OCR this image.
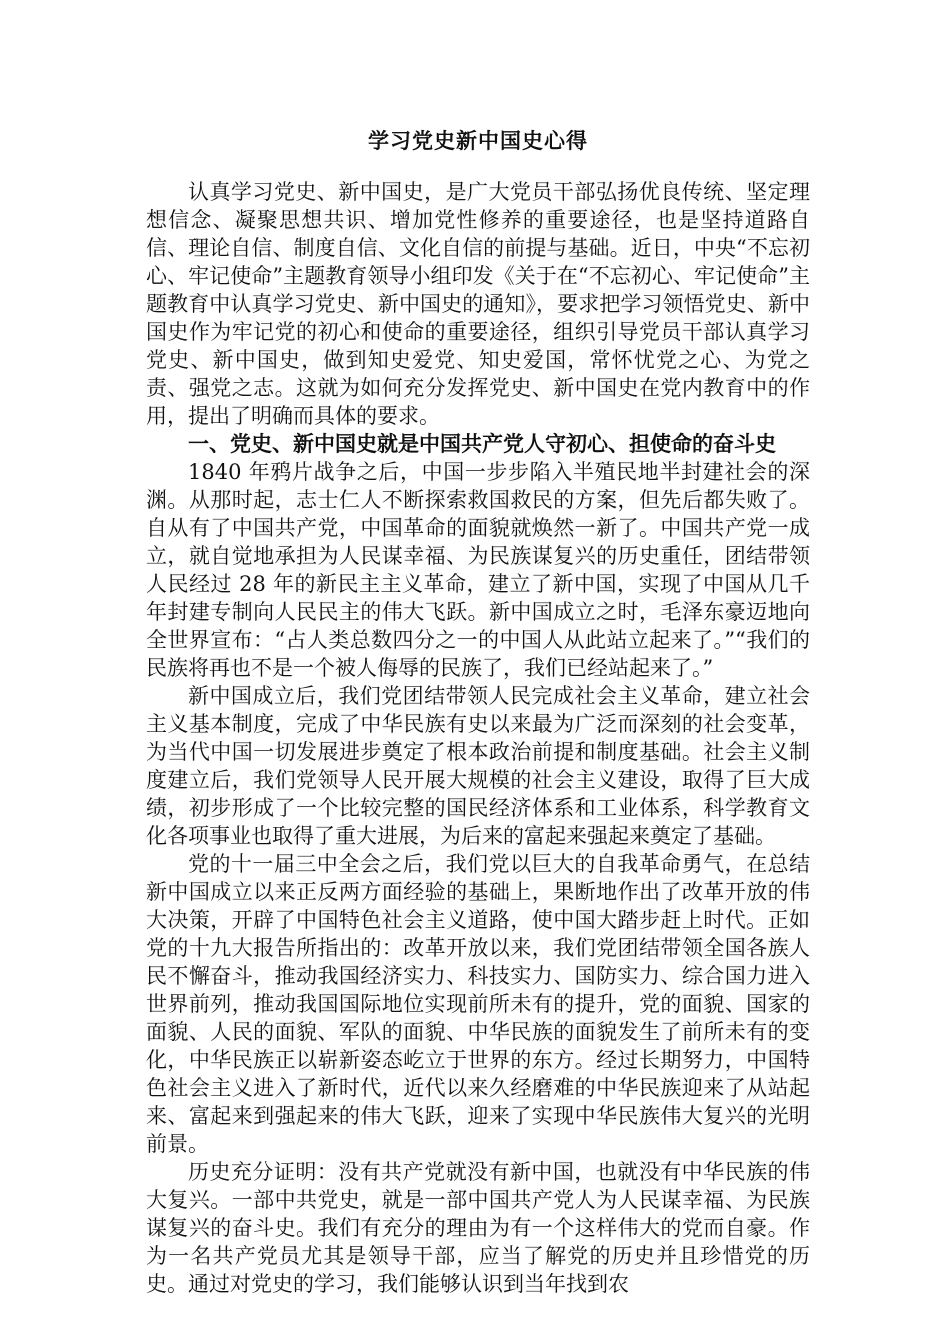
学习党史新中国史心得

认真学习党史、新中国史，是广大党员干部弘扬优良传统、坚定理想信念、凝聚思想共识、增加党性修养的重要途径，也是坚持道路自信、理论自信、制度自信、文化自信的前提与基础。近日，中央“不忘初心、牢记使命”主题教育领导小组印发《关于在“不忘初心、牢记使命”主题教育中认真学习党史、新中国史的通知》，要求把学习领悟党史、新中国史作为牢记党的初心和使命的重要途径，组织引导党员干部认真学习党史、新中国史，做到知史爱党、知史爱国，常怀忧党之心、为党之责、强党之志。这就为如何充分发挥党史、新中国史在党内教育中的作用，提出了明确而具体的要求。

一、党史、新中国史就是中国共产党人守初心、担使命的奋斗史

1840 年鸦片战争之后，中国一步步陷入半殖民地半封建社会的深渊。从那时起，志士仁人不断探索救国救民的方案，但先后都失败了。自从有了中国共产党，中国革命的面貌就焕然一新了。中国共产党一成立，就自觉地承担为人民谋幸福、为民族谋复兴的历史重任，团结带领人民经过 28 年的新民主主义革命，建立了新中国，实现了中国从几千年封建专制向人民民主的伟大飞跃。新中国成立之时，毛泽东豪迈地向全世界宣布：“占人类总数四分之一的中国人从此站立起来了。”“我们的民族将再也不是一个被人侮辱的民族了，我们已经站起来了。”

新中国成立后，我们党团结带领人民完成社会主义革命，建立社会主义基本制度，完成了中华民族有史以来最为广泛而深刻的社会变革，为当代中国一切发展进步奠定了根本政治前提和制度基础。社会主义制度建立后，我们党领导人民开展大规模的社会主义建设，取得了巨大成绩，初步形成了一个比较完整的国民经济体系和工业体系，科学教育文化各项事业也取得了重大进展，为后来的富起来强起来奠定了基础。

党的十一届三中全会之后，我们党以巨大的自我革命勇气，在总结新中国成立以来正反两方面经验的基础上，果断地作出了改革开放的伟大决策，开辟了中国特色社会主义道路，使中国大踏步赶上时代。正如党的十九大报告所指出的：改革开放以来，我们党团结带领全国各族人民不懈奋斗，推动我国经济实力、科技实力、国防实力、综合国力进入世界前列，推动我国国际地位实现前所未有的提升，党的面貌、国家的面貌、人民的面貌、军队的面貌、中华民族的面貌发生了前所未有的变化，中华民族正以崭新姿态屹立于世界的东方。经过长期努力，中国特色社会主义进入了新时代，近代以来久经磨难的中华民族迎来了从站起来、富起来到强起来的伟大飞跃，迎来了实现中华民族伟大复兴的光明前景。

历史充分证明：没有共产党就没有新中国，也就没有中华民族的伟大复兴。一部中共党史，就是一部中国共产党人为人民谋幸福、为民族谋复兴的奋斗史。我们有充分的理由为有一个这样伟大的党而自豪。作为一名共产党员尤其是领导干部，应当了解党的历史并且珍惜党的历史。通过对党史的学习，我们能够认识到当年找到农
